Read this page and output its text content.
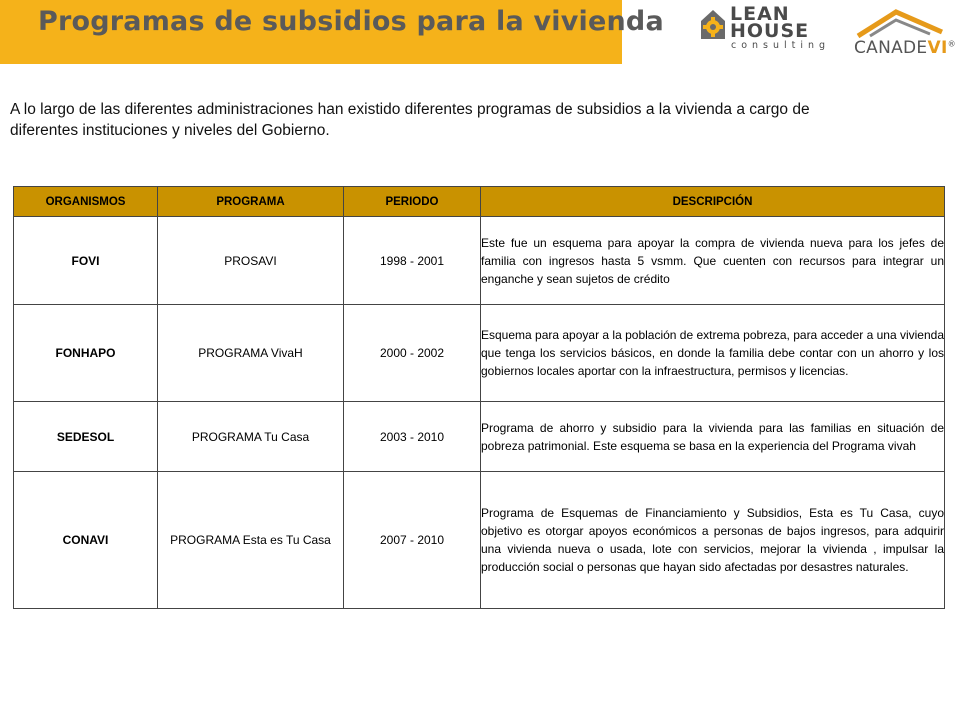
Programas de subsidios para la vivienda	LEAN
HOUSE
consulting CANADEVI®
A lo largo de las diferentes administraciones han existido diferentes programas de subsidios a la vivienda a cargo de diferentes instituciones y niveles del Gobierno.
ORGANISMOS	PROGRAMA	PERIODO	DESCRIPCIÓN
FOVI	PROSAVI	1998 - 2001	Este fue un esquema para apoyar la compra de vivienda nueva para los jefes de familia con ingresos hasta 5 vsmm. Que cuenten con recursos para integrar un enganche y sean sujetos de crédito
FONHAPO	PROGRAMA VivaH	2000 - 2002	Esquema para apoyar a la población de extrema pobreza, para acceder a una vivienda que tenga los servicios básicos, en donde la familia debe contar con un ahorro y los gobiernos locales aportar con la infraestructura, permisos y licencias.
SEDESOL	PROGRAMA Tu Casa	2003 - 2010	Programa de ahorro y subsidio para la vivienda para las familias en situación de pobreza patrimonial. Este esquema se basa en la experiencia del Programa vivah
CONAVI	PROGRAMA Esta es Tu Casa	2007 - 2010	Programa de Esquemas de Financiamiento y Subsidios, Esta es Tu Casa, cuyo objetivo es otorgar apoyos económicos a personas de bajos ingresos, para adquirir una vivienda nueva o usada, lote con servicios, mejorar la vivienda , impulsar la producción social o personas que hayan sido afectadas por desastres naturales.
